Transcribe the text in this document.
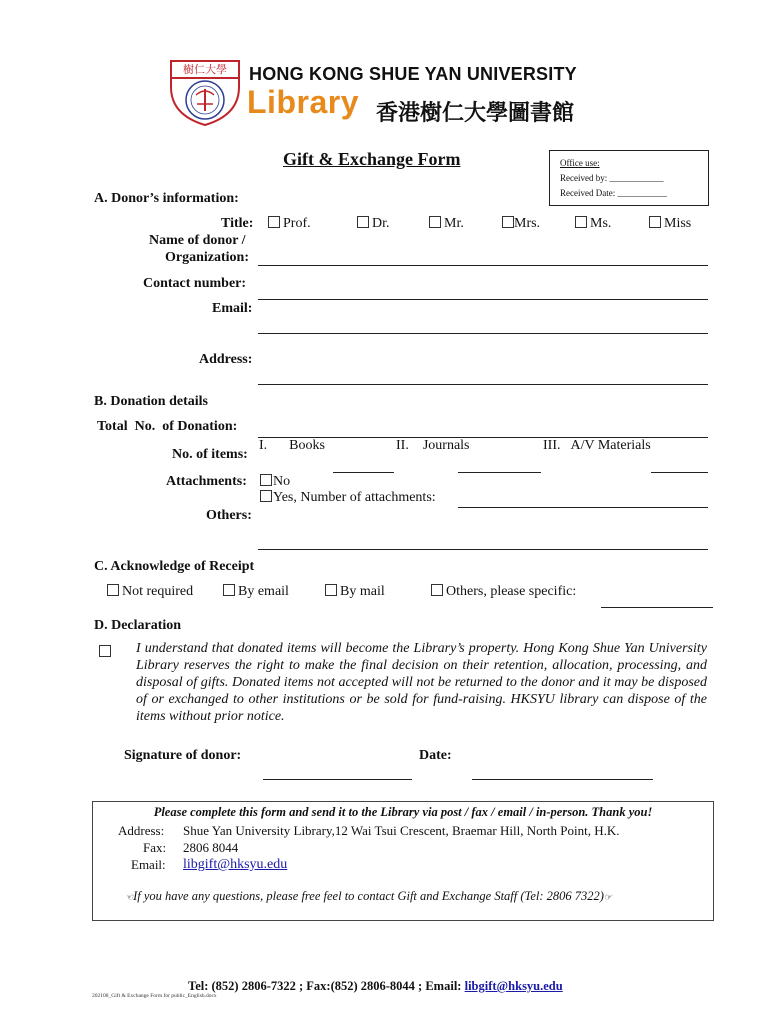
樹仁大學	HONG KONG SHUE YAN UNIVERSITY
Library 香港樹仁大學圖書館
Gift & Exchange Form	Office use:
Received by: ____________
Received Date: ___________
A. Donor’s information:
Title:	Prof.	Dr.	Mr.	Mrs.	Ms.	Miss
Name of donor /
Organization:
Contact number:
Email:
Address:
B. Donation details
Total  No.  of Donation:
I. Books	II. Journals	III. A/V Materials
No. of items:
Attachments:	No
Yes, Number of attachments:
Others:
C. Acknowledge of Receipt
Not required	By email	By mail	Others, please specific:
D. Declaration
I understand that donated items will become the Library’s property. Hong Kong Shue Yan University Library reserves the right to make the final decision on their retention, allocation, processing, and disposal of gifts. Donated items not accepted will not be returned to the donor and it may be disposed of or exchanged to other institutions or be sold for fund-raising. HKSYU library can dispose of the items without prior notice.
Signature of donor:	Date:
Please complete this form and send it to the Library via post / fax / email / in-person. Thank you!
Address: Shue Yan University Library,12 Wai Tsui Crescent, Braemar Hill, North Point, H.K.
Fax: 2806 8044
Email: libgift@hksyu.edu
☜If you have any questions, please free feel to contact Gift and Exchange Staff (Tel: 2806 7322)☞
Tel: (852) 2806-7322 ; Fax:(852) 2806-8044 ; Email: libgift@hksyu.edu
202108_Gift & Exchange Form for public_English.docx
